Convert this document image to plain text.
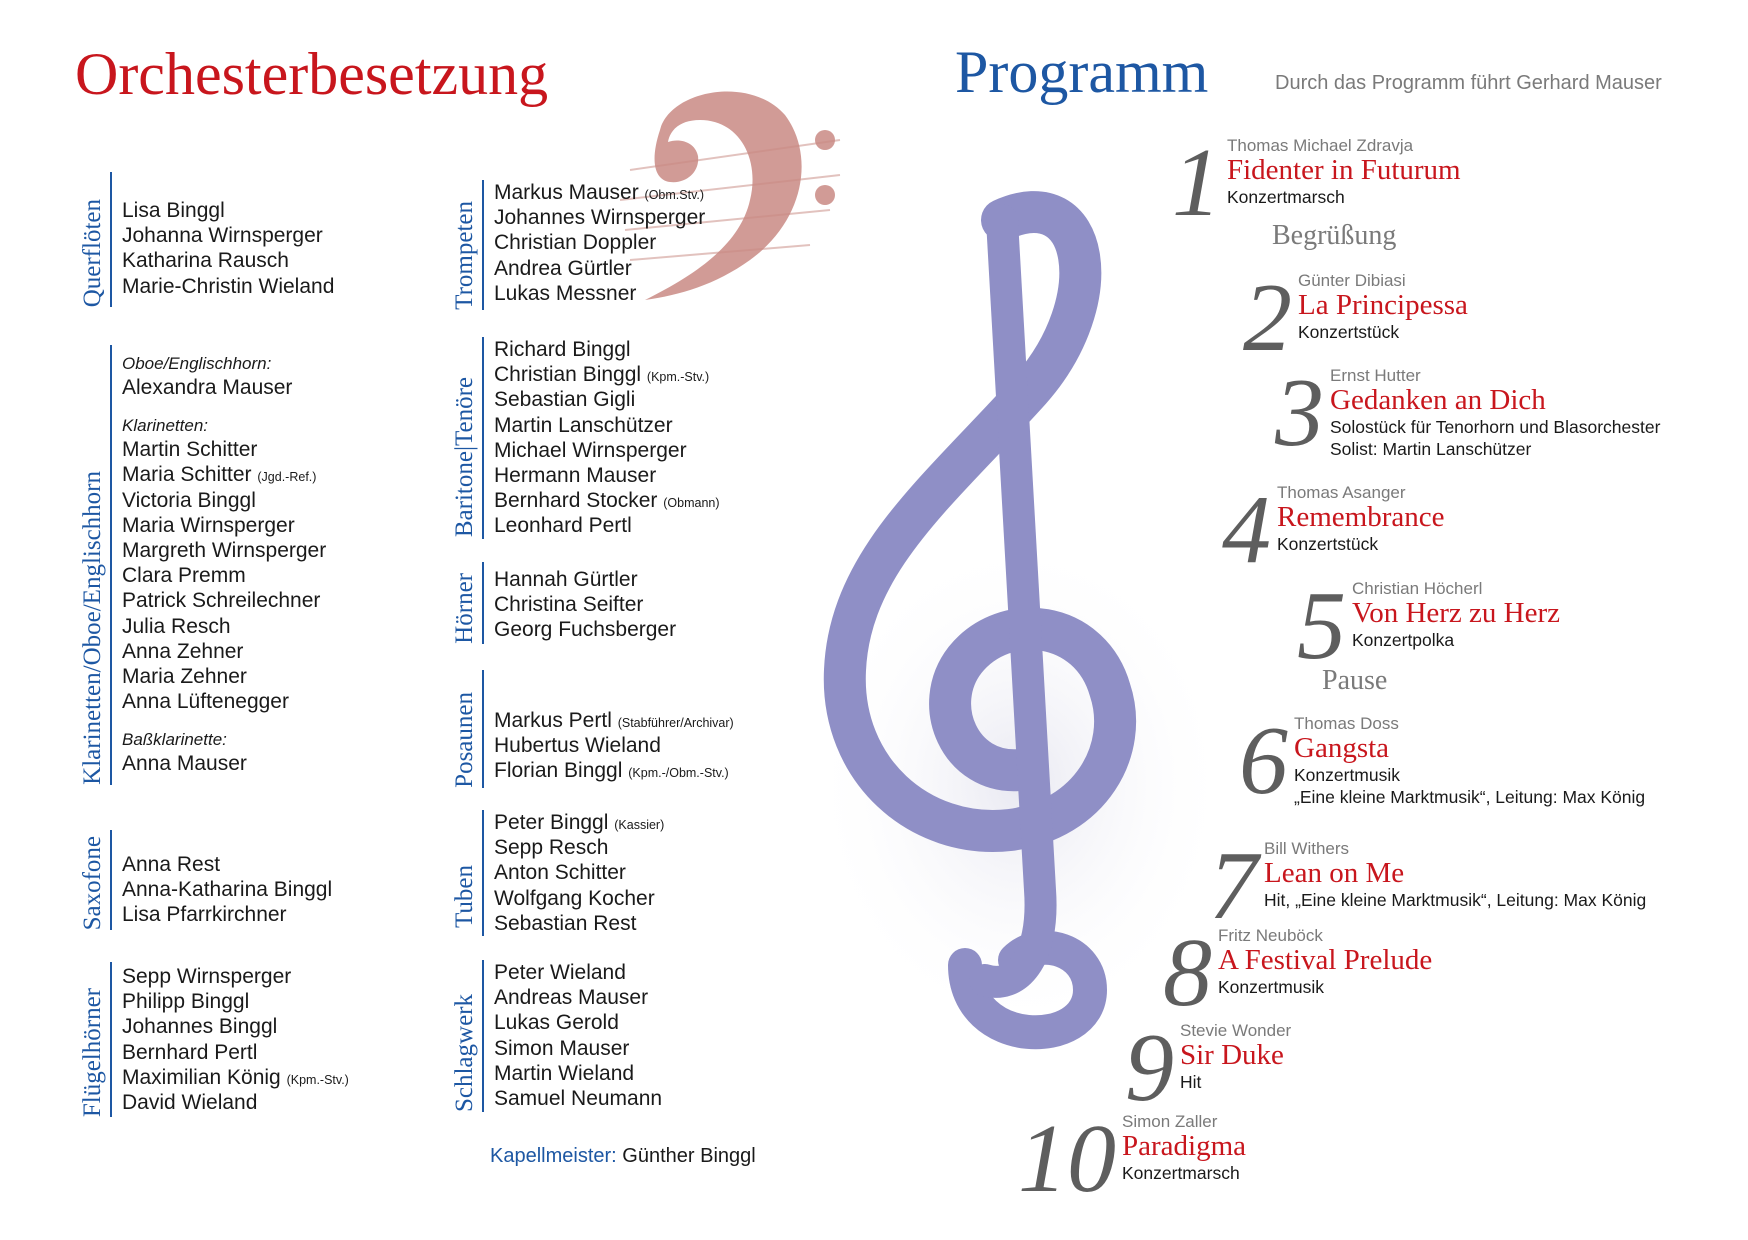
Orchesterbesetzung	Programm	Durch das Programm führt Gerhard Mauser
Querflöten Lisa Binggl
Johanna Wirnsperger
Katharina Rausch
Marie-Christin Wieland
Klarinetten/Oboe/Englischhorn
Oboe/Englischhorn:
Alexandra Mauser
Klarinetten:
Martin Schitter
Maria Schitter (Jgd.-Ref.)
Victoria Binggl
Maria Wirnsperger
Margreth Wirnsperger
Clara Premm
Patrick Schreilechner
Julia Resch
Anna Zehner
Maria Zehner
Anna Lüftenegger
Baßklarinette:
Anna Mauser
Saxofone Anna Rest
Anna-Katharina Binggl
Lisa Pfarrkirchner
Flügelhörner
Sepp Wirnsperger
Philipp Binggl
Johannes Binggl
Bernhard Pertl
Maximilian König (Kpm.-Stv.)
David Wieland
Trompeten
Markus Mauser (Obm.Stv.)
Johannes Wirnsperger
Christian Doppler
Andrea Gürtler
Lukas Messner
Baritone|Tenöre
Richard Binggl
Christian Binggl (Kpm.-Stv.)
Sebastian Gigli
Martin Lanschützer
Michael Wirnsperger
Hermann Mauser
Bernhard Stocker (Obmann)
Leonhard Pertl
Hörner Hannah Gürtler
Christina Seifter
Georg Fuchsberger
Posaunen Markus Pertl (Stabführer/Archivar)
Hubertus Wieland
Florian Binggl (Kpm.-/Obm.-Stv.)
Tuben
Peter Binggl (Kassier)
Sepp Resch
Anton Schitter
Wolfgang Kocher
Sebastian Rest
Schlagwerk
Peter Wieland
Andreas Mauser
Lukas Gerold
Simon Mauser
Martin Wieland
Samuel Neumann
Kapellmeister: Günther Binggl
1 Thomas Michael Zdravja
Fidenter in Futurum
Konzertmarsch
Begrüßung
2 Günter Dibiasi
La Principessa
Konzertstück
3 Ernst Hutter
Gedanken an Dich
Solostück für Tenorhorn und Blasorchester
Solist: Martin Lanschützer
4 Thomas Asanger
Remembrance
Konzertstück
5 Christian Höcherl
Von Herz zu Herz
Konzertpolka
Pause
6 Thomas Doss
Gangsta
Konzertmusik
„Eine kleine Marktmusik“, Leitung: Max König
7 Bill Withers
Lean on Me
Hit, „Eine kleine Marktmusik“, Leitung: Max König
8 Fritz Neuböck
A Festival Prelude
Konzertmusik
9 Stevie Wonder
Sir Duke
Hit
10 Simon Zaller
Paradigma
Konzertmarsch
